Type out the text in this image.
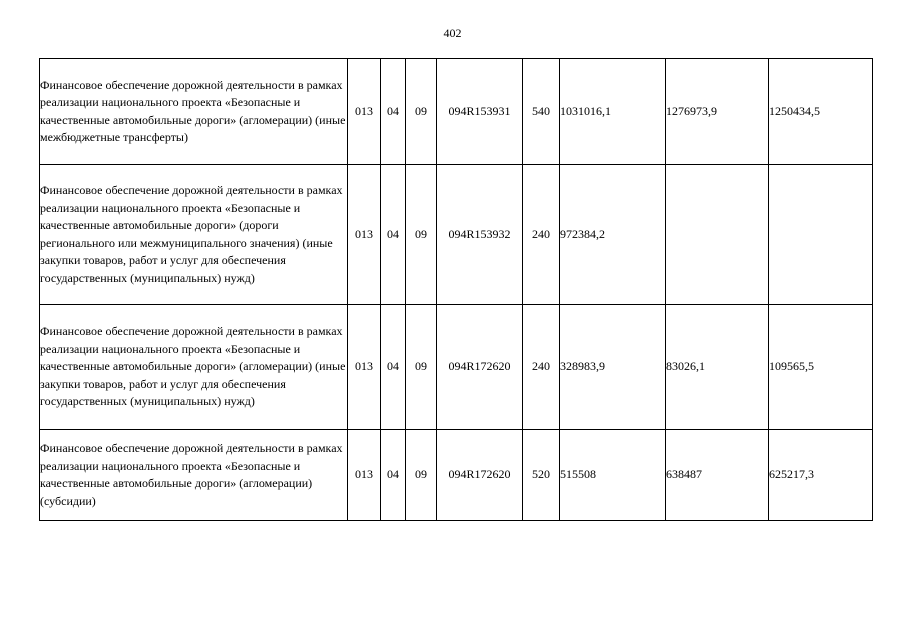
402
Финансовое обеспечение дорожной деятельности в рамках реализации национального проекта «Безопасные и качественные автомобильные дороги» (агломерации) (иные межбюджетные трансферты)	013	04	09	094R153931	540	1031016,1	1276973,9	1250434,5

Финансовое обеспечение дорожной деятельности в рамках реализации национального проекта «Безопасные и качественные автомобильные дороги» (дороги регионального или межмуниципального значения) (иные закупки товаров, работ и услуг для обеспечения государственных (муниципальных) нужд)	013	04	09	094R153932	240	972384,2		

Финансовое обеспечение дорожной деятельности в рамках реализации национального проекта «Безопасные и качественные автомобильные дороги» (агломерации) (иные закупки товаров, работ и услуг для обеспечения государственных (муниципальных) нужд)	013	04	09	094R172620	240	328983,9	83026,1	109565,5

Финансовое обеспечение дорожной деятельности в рамках реализации национального проекта «Безопасные и качественные автомобильные дороги» (агломерации) (субсидии)	013	04	09	094R172620	520	515508	638487	625217,3
